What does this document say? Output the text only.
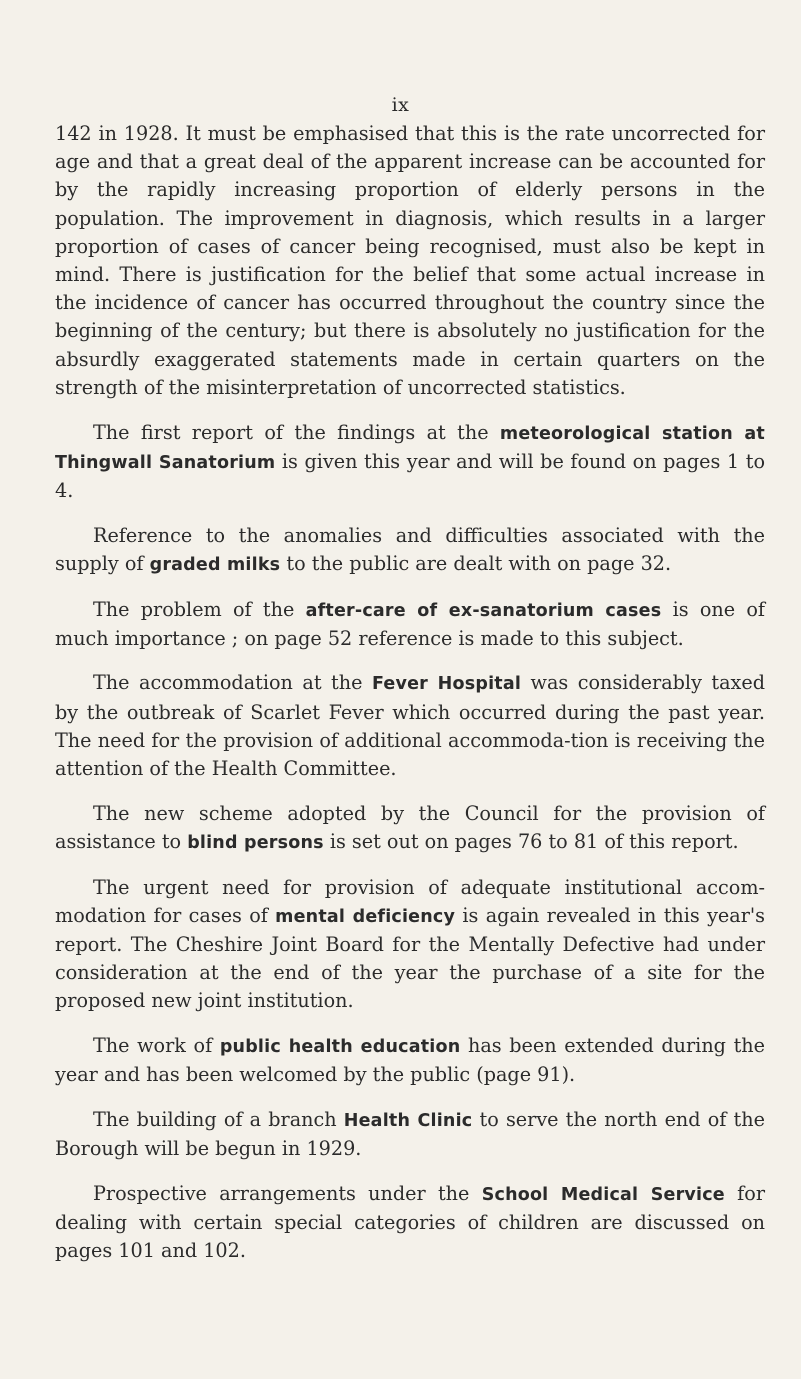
ix

142 in 1928. It must be emphasised that this is the rate uncorrected for age and that a great deal of the apparent increase can be accounted for by the rapidly increasing proportion of elderly persons in the population. The improvement in diagnosis, which results in a larger proportion of cases of cancer being recognised, must also be kept in mind. There is justification for the belief that some actual increase in the incidence of cancer has occurred throughout the country since the beginning of the century; but there is absolutely no justification for the absurdly exaggerated statements made in certain quarters on the strength of the misinterpretation of uncorrected statistics.

The first report of the findings at the meteorological station at Thingwall Sanatorium is given this year and will be found on pages 1 to 4.

Reference to the anomalies and difficulties associated with the supply of graded milks to the public are dealt with on page 32.

The problem of the after-care of ex-sanatorium cases is one of much importance ; on page 52 reference is made to this subject.

The accommodation at the Fever Hospital was considerably taxed by the outbreak of Scarlet Fever which occurred during the past year. The need for the provision of additional accommoda-tion is receiving the attention of the Health Committee.

The new scheme adopted by the Council for the provision of assistance to blind persons is set out on pages 76 to 81 of this report.

The urgent need for provision of adequate institutional accom-modation for cases of mental deficiency is again revealed in this year's report. The Cheshire Joint Board for the Mentally Defective had under consideration at the end of the year the purchase of a site for the proposed new joint institution.

The work of public health education has been extended during the year and has been welcomed by the public (page 91).

The building of a branch Health Clinic to serve the north end of the Borough will be begun in 1929.

Prospective arrangements under the School Medical Service for dealing with certain special categories of children are discussed on pages 101 and 102.
